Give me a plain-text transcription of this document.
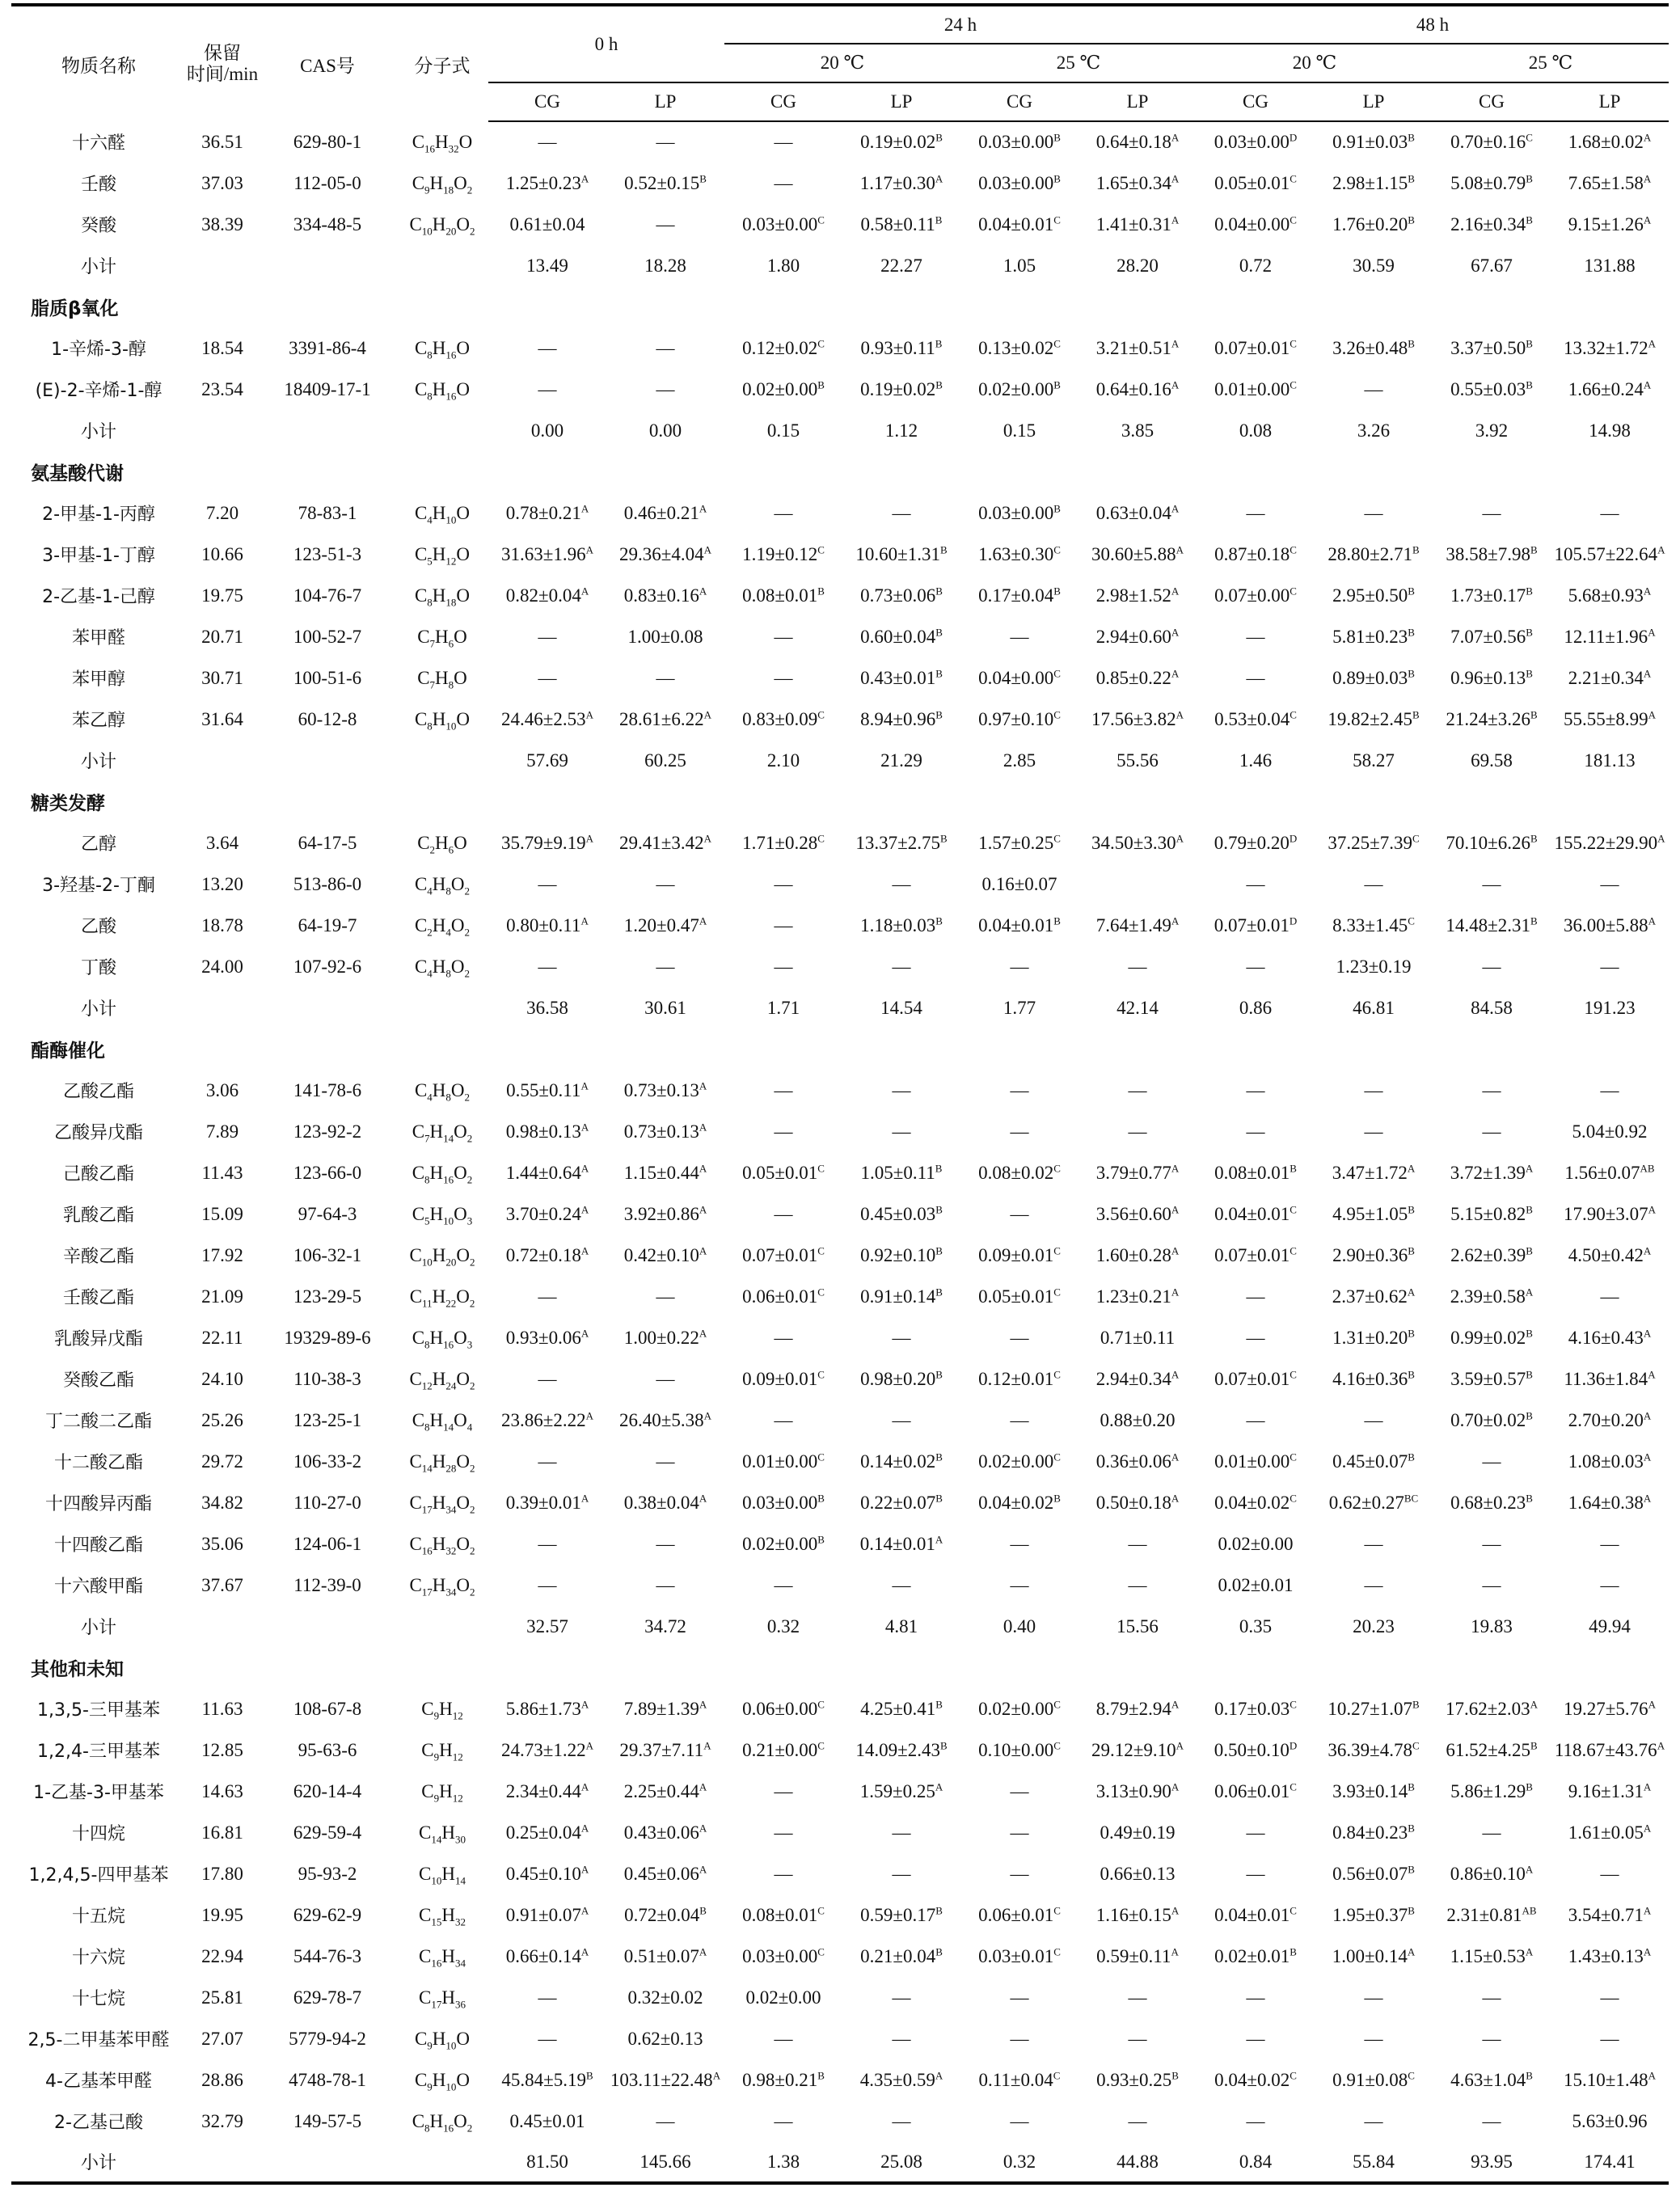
物质名称	保留
时间/min	CAS号	分子式	0 h		24 h				48 h			
						20 ℃		25 ℃		20 ℃		25 ℃	
				CG	LP	CG	LP	CG	LP	CG	LP	CG	LP
十六醛	36.51	629-80-1	$C_{16}H_{32}O$	—	—	—	$0.19\pm 0.02^B$	$0.03\pm 0.00^B$	$0.64\pm 0.18^A$	$0.03\pm 0.00^D$	$0.91\pm 0.03^B$	$0.70\pm 0.16^C$	$1.68\pm 0.02^A$
壬酸	37.03	112-05-0	$C_9H_{18}O_2$	$1.25\pm 0.23^A$	$0.52\pm 0.15^B$	—	$1.17\pm 0.30^A$	$0.03\pm 0.00^B$	$1.65\pm 0.34^A$	$0.05\pm 0.01^C$	$2.98\pm 1.15^B$	$5.08\pm 0.79^B$	$7.65\pm 1.58^A$
癸酸	38.39	334-48-5	$C_{10}H_{20}O_2$	0.61±0.04	—	$0.03\pm 0.00^C$	$0.58\pm 0.11^B$	$0.04\pm 0.01^C$	$1.41\pm 0.31^A$	$0.04\pm 0.00^C$	$1.76\pm 0.20^B$	$2.16\pm 0.34^B$	$9.15\pm 1.26^A$
小计				13.49	18.28	1.80	22.27	1.05	28.20	0.72	30.59	67.67	131.88
脂质β氧化													
1-辛烯-3-醇	18.54	3391-86-4	$C_8H_{16}O$	—	—	$0.12\pm 0.02^C$	$0.93\pm 0.11^B$	$0.13\pm 0.02^C$	$3.21\pm 0.51^A$	$0.07\pm 0.01^C$	$3.26\pm 0.48^B$	$3.37\pm 0.50^B$	$13.32\pm 1.72^A$
(E)-2-辛烯-1-醇	23.54	18409-17-1	$C_8H_{16}O$	—	—	$0.02\pm 0.00^B$	$0.19\pm 0.02^B$	$0.02\pm 0.00^B$	$0.64\pm 0.16^A$	$0.01\pm 0.00^C$	—	$0.55\pm 0.03^B$	$1.66\pm 0.24^A$
小计				0.00	0.00	0.15	1.12	0.15	3.85	0.08	3.26	3.92	14.98
氨基酸代谢													
2-甲基-1-丙醇	7.20	78-83-1	$C_4H_{10}O$	$0.78\pm 0.21^A$	$0.46\pm 0.21^A$	—	—	$0.03\pm 0.00^B$	$0.63\pm 0.04^A$	—	—	—	—
3-甲基-1-丁醇	10.66	123-51-3	$C_5H_{12}O$	$31.63\pm 1.96^A$	$29.36\pm 4.04^A$	$1.19\pm 0.12^C$	$10.60\pm 1.31^B$	$1.63\pm 0.30^C$	$30.60\pm 5.88^A$	$0.87\pm 0.18^C$	$28.80\pm 2.71^B$	$38.58\pm 7.98^B$	$105.57\pm 22.64^A$
2-乙基-1-己醇	19.75	104-76-7	$C_8H_{18}O$	$0.82\pm 0.04^A$	$0.83\pm 0.16^A$	$0.08\pm 0.01^B$	$0.73\pm 0.06^B$	$0.17\pm 0.04^B$	$2.98\pm 1.52^A$	$0.07\pm 0.00^C$	$2.95\pm 0.50^B$	$1.73\pm 0.17^B$	$5.68\pm 0.93^A$
苯甲醛	20.71	100-52-7	$C_7H_6O$	—	1.00±0.08	—	$0.60\pm 0.04^B$	—	$2.94\pm 0.60^A$	—	$5.81\pm 0.23^B$	$7.07\pm 0.56^B$	$12.11\pm 1.96^A$
苯甲醇	30.71	100-51-6	$C_7H_8O$	—	—	—	$0.43\pm 0.01^B$	$0.04\pm 0.00^C$	$0.85\pm 0.22^A$	—	$0.89\pm 0.03^B$	$0.96\pm 0.13^B$	$2.21\pm 0.34^A$
苯乙醇	31.64	60-12-8	$C_8H_{10}O$	$24.46\pm 2.53^A$	$28.61\pm 6.22^A$	$0.83\pm 0.09^C$	$8.94\pm 0.96^B$	$0.97\pm 0.10^C$	$17.56\pm 3.82^A$	$0.53\pm 0.04^C$	$19.82\pm 2.45^B$	$21.24\pm 3.26^B$	$55.55\pm 8.99^A$
小计				57.69	60.25	2.10	21.29	2.85	55.56	1.46	58.27	69.58	181.13
糖类发酵													
乙醇	3.64	64-17-5	$C_2H_6O$	$35.79\pm 9.19^A$	$29.41\pm 3.42^A$	$1.71\pm 0.28^C$	$13.37\pm 2.75^B$	$1.57\pm 0.25^C$	$34.50\pm 3.30^A$	$0.79\pm 0.20^D$	$37.25\pm 7.39^C$	$70.10\pm 6.26^B$	$155.22\pm 29.90^A$
3-羟基-2-丁酮	13.20	513-86-0	$C_4H_8O_2$	—	—	—	—	0.16±0.07		—	—	—	—
乙酸	18.78	64-19-7	$C_2H_4O_2$	$0.80\pm 0.11^A$	$1.20\pm 0.47^A$	—	$1.18\pm 0.03^B$	$0.04\pm 0.01^B$	$7.64\pm 1.49^A$	$0.07\pm 0.01^D$	$8.33\pm 1.45^C$	$14.48\pm 2.31^B$	$36.00\pm 5.88^A$
丁酸	24.00	107-92-6	$C_4H_8O_2$	—	—	—	—	—	—	—	1.23±0.19	—	—
小计				36.58	30.61	1.71	14.54	1.77	42.14	0.86	46.81	84.58	191.23
酯酶催化													
乙酸乙酯	3.06	141-78-6	$C_4H_8O_2$	$0.55\pm 0.11^A$	$0.73\pm 0.13^A$	—	—	—	—	—	—	—	—
乙酸异戊酯	7.89	123-92-2	$C_7H_{14}O_2$	$0.98\pm 0.13^A$	$0.73\pm 0.13^A$	—	—	—	—	—	—	—	5.04±0.92
己酸乙酯	11.43	123-66-0	$C_8H_{16}O_2$	$1.44\pm 0.64^A$	$1.15\pm 0.44^A$	$0.05\pm 0.01^C$	$1.05\pm 0.11^B$	$0.08\pm 0.02^C$	$3.79\pm 0.77^A$	$0.08\pm 0.01^B$	$3.47\pm 1.72^A$	$3.72\pm 1.39^A$	$1.56\pm 0.07^{AB}$
乳酸乙酯	15.09	97-64-3	$C_5H_{10}O_3$	$3.70\pm 0.24^A$	$3.92\pm 0.86^A$	—	$0.45\pm 0.03^B$	—	$3.56\pm 0.60^A$	$0.04\pm 0.01^C$	$4.95\pm 1.05^B$	$5.15\pm 0.82^B$	$17.90\pm 3.07^A$
辛酸乙酯	17.92	106-32-1	$C_{10}H_{20}O_2$	$0.72\pm 0.18^A$	$0.42\pm 0.10^A$	$0.07\pm 0.01^C$	$0.92\pm 0.10^B$	$0.09\pm 0.01^C$	$1.60\pm 0.28^A$	$0.07\pm 0.01^C$	$2.90\pm 0.36^B$	$2.62\pm 0.39^B$	$4.50\pm 0.42^A$
壬酸乙酯	21.09	123-29-5	$C_{11}H_{22}O_2$	—	—	$0.06\pm 0.01^C$	$0.91\pm 0.14^B$	$0.05\pm 0.01^C$	$1.23\pm 0.21^A$	—	$2.37\pm 0.62^A$	$2.39\pm 0.58^A$	—
乳酸异戊酯	22.11	19329-89-6	$C_8H_{16}O_3$	$0.93\pm 0.06^A$	$1.00\pm 0.22^A$	—	—	—	0.71±0.11	—	$1.31\pm 0.20^B$	$0.99\pm 0.02^B$	$4.16\pm 0.43^A$
癸酸乙酯	24.10	110-38-3	$C_{12}H_{24}O_2$	—	—	$0.09\pm 0.01^C$	$0.98\pm 0.20^B$	$0.12\pm 0.01^C$	$2.94\pm 0.34^A$	$0.07\pm 0.01^C$	$4.16\pm 0.36^B$	$3.59\pm 0.57^B$	$11.36\pm 1.84^A$
丁二酸二乙酯	25.26	123-25-1	$C_8H_{14}O_4$	$23.86\pm 2.22^A$	$26.40\pm 5.38^A$	—	—	—	0.88±0.20	—	—	$0.70\pm 0.02^B$	$2.70\pm 0.20^A$
十二酸乙酯	29.72	106-33-2	$C_{14}H_{28}O_2$	—	—	$0.01\pm 0.00^C$	$0.14\pm 0.02^B$	$0.02\pm 0.00^C$	$0.36\pm 0.06^A$	$0.01\pm 0.00^C$	$0.45\pm 0.07^B$	—	$1.08\pm 0.03^A$
十四酸异丙酯	34.82	110-27-0	$C_{17}H_{34}O_2$	$0.39\pm 0.01^A$	$0.38\pm 0.04^A$	$0.03\pm 0.00^B$	$0.22\pm 0.07^B$	$0.04\pm 0.02^B$	$0.50\pm 0.18^A$	$0.04\pm 0.02^C$	$0.62\pm 0.27^{BC}$	$0.68\pm 0.23^B$	$1.64\pm 0.38^A$
十四酸乙酯	35.06	124-06-1	$C_{16}H_{32}O_2$	—	—	$0.02\pm 0.00^B$	$0.14\pm 0.01^A$	—	—	0.02±0.00	—	—	—
十六酸甲酯	37.67	112-39-0	$C_{17}H_{34}O_2$	—	—	—	—	—	—	0.02±0.01	—	—	—
小计				32.57	34.72	0.32	4.81	0.40	15.56	0.35	20.23	19.83	49.94
其他和未知													
1,3,5-三甲基苯	11.63	108-67-8	$C_9H_{12}$	$5.86\pm 1.73^A$	$7.89\pm 1.39^A$	$0.06\pm 0.00^C$	$4.25\pm 0.41^B$	$0.02\pm 0.00^C$	$8.79\pm 2.94^A$	$0.17\pm 0.03^C$	$10.27\pm 1.07^B$	$17.62\pm 2.03^A$	$19.27\pm 5.76^A$
1,2,4-三甲基苯	12.85	95-63-6	$C_9H_{12}$	$24.73\pm 1.22^A$	$29.37\pm 7.11^A$	$0.21\pm 0.00^C$	$14.09\pm 2.43^B$	$0.10\pm 0.00^C$	$29.12\pm 9.10^A$	$0.50\pm 0.10^D$	$36.39\pm 4.78^C$	$61.52\pm 4.25^B$	$118.67\pm 43.76^A$
1-乙基-3-甲基苯	14.63	620-14-4	$C_9H_{12}$	$2.34\pm 0.44^A$	$2.25\pm 0.44^A$	—	$1.59\pm 0.25^A$	—	$3.13\pm 0.90^A$	$0.06\pm 0.01^C$	$3.93\pm 0.14^B$	$5.86\pm 1.29^B$	$9.16\pm 1.31^A$
十四烷	16.81	629-59-4	$C_{14}H_{30}$	$0.25\pm 0.04^A$	$0.43\pm 0.06^A$	—	—	—	0.49±0.19	—	$0.84\pm 0.23^B$	—	$1.61\pm 0.05^A$
1,2,4,5-四甲基苯	17.80	95-93-2	$C_{10}H_{14}$	$0.45\pm 0.10^A$	$0.45\pm 0.06^A$	—	—	—	0.66±0.13	—	$0.56\pm 0.07^B$	$0.86\pm 0.10^A$	—
十五烷	19.95	629-62-9	$C_{15}H_{32}$	$0.91\pm 0.07^A$	$0.72\pm 0.04^B$	$0.08\pm 0.01^C$	$0.59\pm 0.17^B$	$0.06\pm 0.01^C$	$1.16\pm 0.15^A$	$0.04\pm 0.01^C$	$1.95\pm 0.37^B$	$2.31\pm 0.81^{AB}$	$3.54\pm 0.71^A$
十六烷	22.94	544-76-3	$C_{16}H_{34}$	$0.66\pm 0.14^A$	$0.51\pm 0.07^A$	$0.03\pm 0.00^C$	$0.21\pm 0.04^B$	$0.03\pm 0.01^C$	$0.59\pm 0.11^A$	$0.02\pm 0.01^B$	$1.00\pm 0.14^A$	$1.15\pm 0.53^A$	$1.43\pm 0.13^A$
十七烷	25.81	629-78-7	$C_{17}H_{36}$	—	0.32±0.02	0.02±0.00	—	—	—	—	—	—	—
2,5-二甲基苯甲醛	27.07	5779-94-2	$C_9H_{10}O$	—	0.62±0.13	—	—	—	—	—	—	—	—
4-乙基苯甲醛	28.86	4748-78-1	$C_9H_{10}O$	$45.84\pm 5.19^B$	$103.11\pm 22.48^A$	$0.98\pm 0.21^B$	$4.35\pm 0.59^A$	$0.11\pm 0.04^C$	$0.93\pm 0.25^B$	$0.04\pm 0.02^C$	$0.91\pm 0.08^C$	$4.63\pm 1.04^B$	$15.10\pm 1.48^A$
2-乙基己酸	32.79	149-57-5	$C_8H_{16}O_2$	0.45±0.01	—	—	—	—	—	—	—	—	5.63±0.96
小计				81.50	145.66	1.38	25.08	0.32	44.88	0.84	55.84	93.95	174.41
